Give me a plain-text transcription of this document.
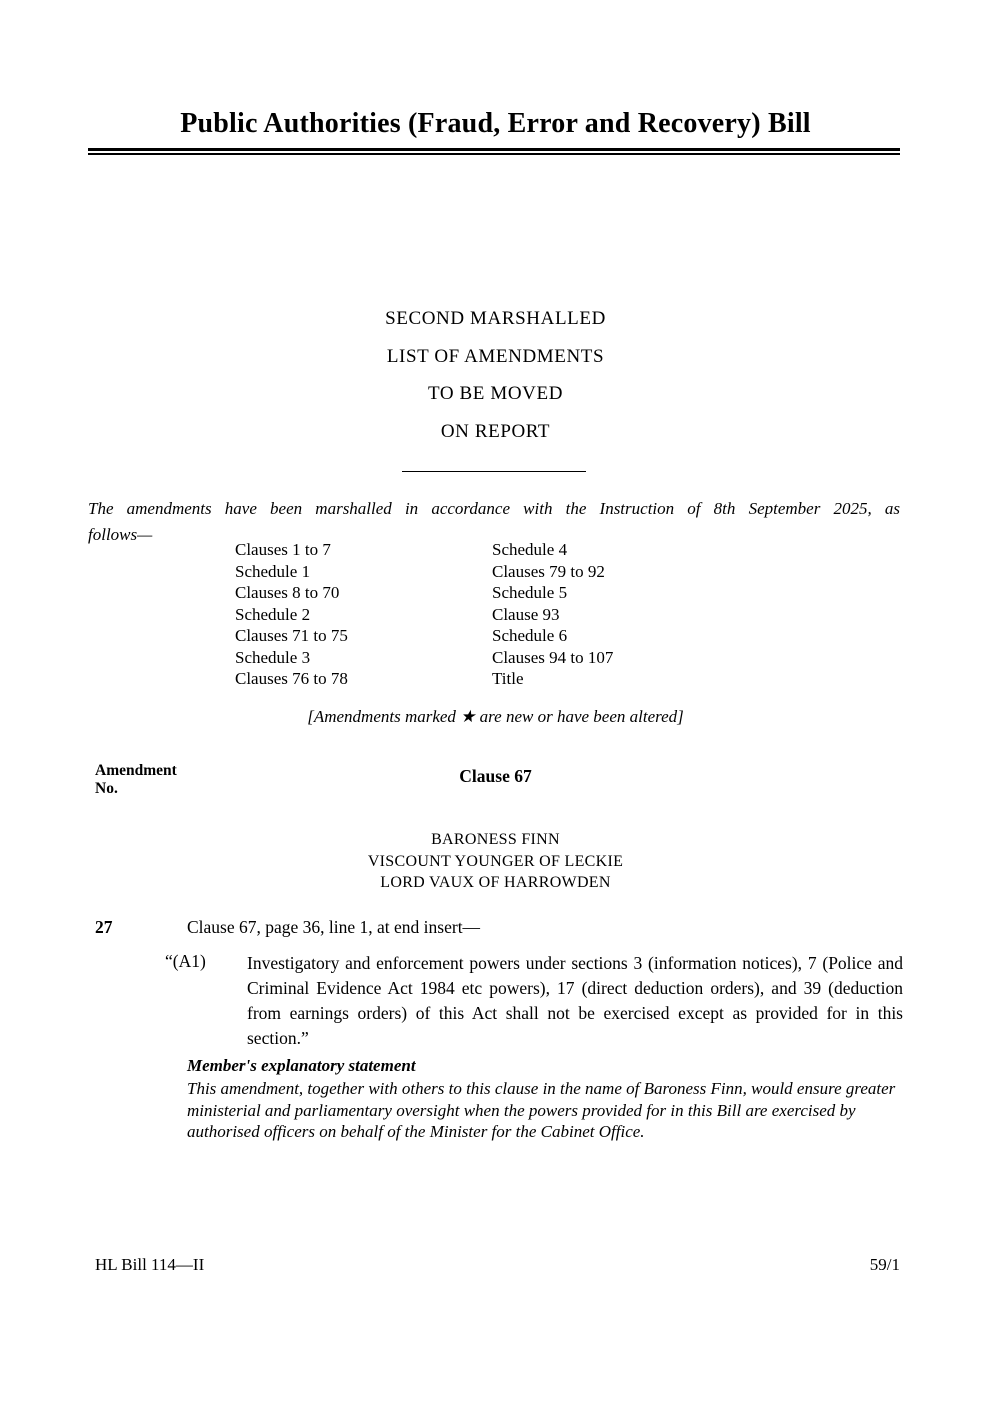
Public Authorities (Fraud, Error and Recovery) Bill
SECOND MARSHALLED
LIST OF AMENDMENTS
TO BE MOVED
ON REPORT
The amendments have been marshalled in accordance with the Instruction of 8th September 2025, as
follows—
Clauses 1 to 7
Schedule 1
Clauses 8 to 70
Schedule 2
Clauses 71 to 75
Schedule 3
Clauses 76 to 78
Schedule 4
Clauses 79 to 92
Schedule 5
Clause 93
Schedule 6
Clauses 94 to 107
Title
[Amendments marked ★ are new or have been altered]
Amendment
No.
Clause 67
BARONESS FINN
VISCOUNT YOUNGER OF LECKIE
LORD VAUX OF HARROWDEN
27	Clause 67, page 36, line 1, at end insert—
“(A1) Investigatory and enforcement powers under sections 3 (information notices), 7 (Police and Criminal Evidence Act 1984 etc powers), 17 (direct deduction orders), and 39 (deduction from earnings orders) of this Act shall not be exercised except as provided for in this section.”
Member's explanatory statement
This amendment, together with others to this clause in the name of Baroness Finn, would ensure greater ministerial and parliamentary oversight when the powers provided for in this Bill are exercised by authorised officers on behalf of the Minister for the Cabinet Office.
HL Bill 114—II	59/1
